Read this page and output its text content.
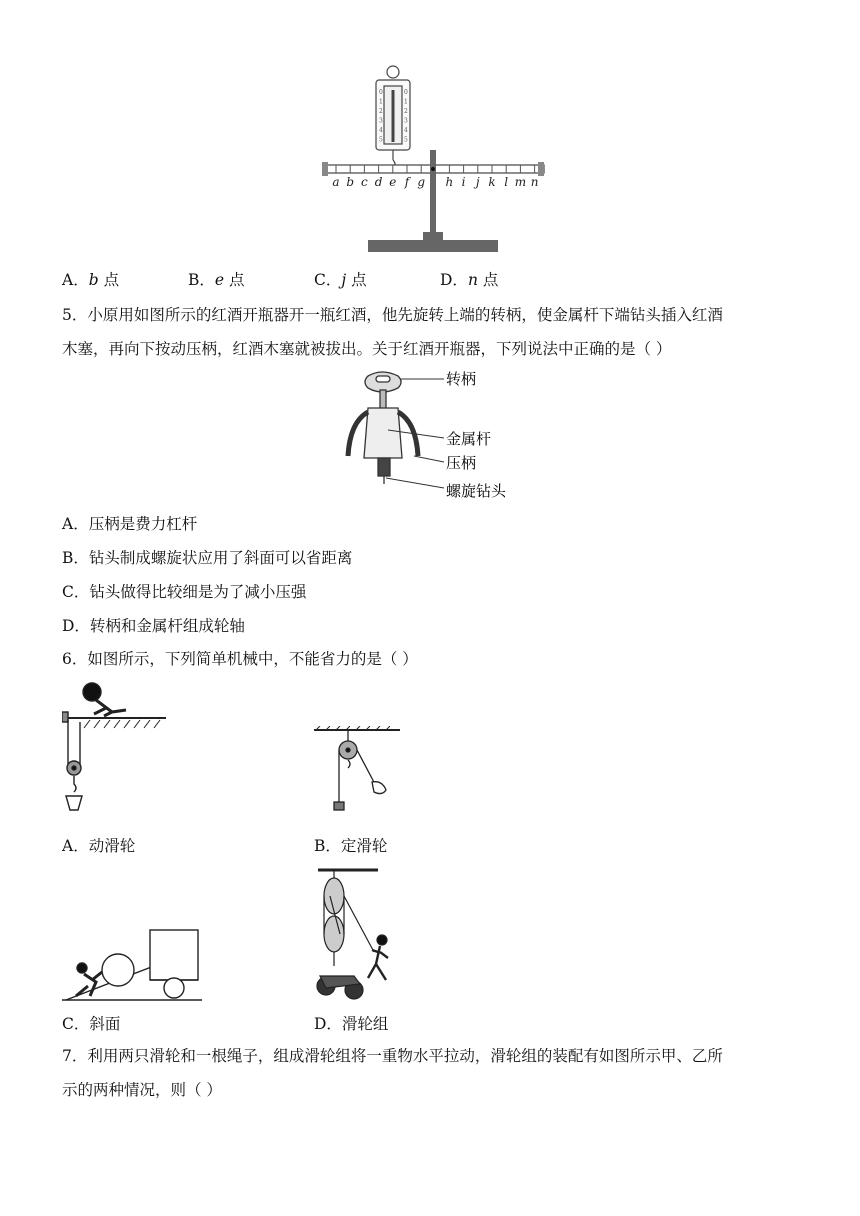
0	0
1	1
2	2
3	3
4	4
5	5
a b c d e f g h i j k l m n
A．b 点	B．e 点	C．j 点	D．n 点
5．小原用如图所示的红酒开瓶器开一瓶红酒，他先旋转上端的转柄，使金属杆下端钻头插入红酒
木塞，再向下按动压柄，红酒木塞就被拔出。关于红酒开瓶器，下列说法中正确的是（ ）
转柄
金属杆
压柄
螺旋钻头
A．压柄是费力杠杆
B．钻头制成螺旋状应用了斜面可以省距离
C．钻头做得比较细是为了减小压强
D．转柄和金属杆组成轮轴
6．如图所示，下列简单机械中，不能省力的是（ ）
A．动滑轮	B．定滑轮
C．斜面	D．滑轮组
7．利用两只滑轮和一根绳子，组成滑轮组将一重物水平拉动，滑轮组的装配有如图所示甲、乙所
示的两种情况，则（ ）
